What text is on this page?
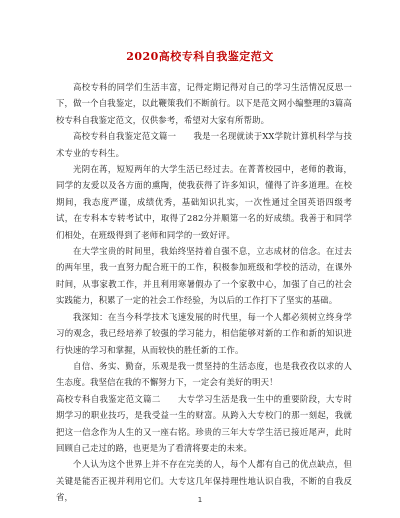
2020高校专科自我鉴定范文

高校专科的同学们生活丰富，记得定期记得对自己的学习生活情况反思一下，做一个自我鉴定，以此鞭策我们不断前行。以下是范文网小编整理的3篇高校专科自我鉴定范文，仅供参考，希望对大家有所帮助。

高校专科自我鉴定范文篇一　　我是一名现就读于XX学院计算机科学与技术专业的专科生。

光阴在苒，短短两年的大学生活已经过去。在菁菁校园中，老师的教诲，同学的友爱以及各方面的熏陶，使我获得了许多知识，懂得了许多道理。在校期间，我态度严谨，成绩优秀，基础知识扎实，一次性通过全国英语四级考试，在专科本专转考试中，取得了282分并顺第一名的好成绩。我善于和同学们相处，在班级得到了老师和同学的一致好评。

在大学宝贵的时间里，我始终坚持着自强不息，立志成材的信念。在过去的两年里，我一直努力配合班干的工作，积极参加班级和学校的活动，在课外时间，从事家教工作，并且利用寒暑假办了一个家教中心，加强了自己的社会实践能力，积累了一定的社会工作经验，为以后的工作打下了坚实的基础。

我深知：在当今科学技术飞速发展的时代里，每一个人都必须树立终身学习的观念，我已经培养了较强的学习能力，相信能够对新的工作和新的知识进行快速的学习和掌握，从而较快的胜任新的工作。

自信、务实、勤奋，乐观是我一贯坚持的生活态度，也是我孜孜以求的人生态度。我坚信在我的不懈努力下，一定会有美好的明天！

高校专科自我鉴定范文篇二　　大专学习生活是我一生中的重要阶段，大专时期学习的职业技巧，是我受益一生的财富。从跨入大专校门的那一刻起，我就把这一信念作为人生的又一座右铭。珍贵的三年大专学生活已接近尾声，此时回顾自己走过的路，也更是为了看清将要走的未来。

个人认为这个世界上并不存在完美的人，每个人都有自己的优点缺点，但关键是能否正视并利用它们。大专这几年保持理性地认识自我，不断的自我反省，	1
